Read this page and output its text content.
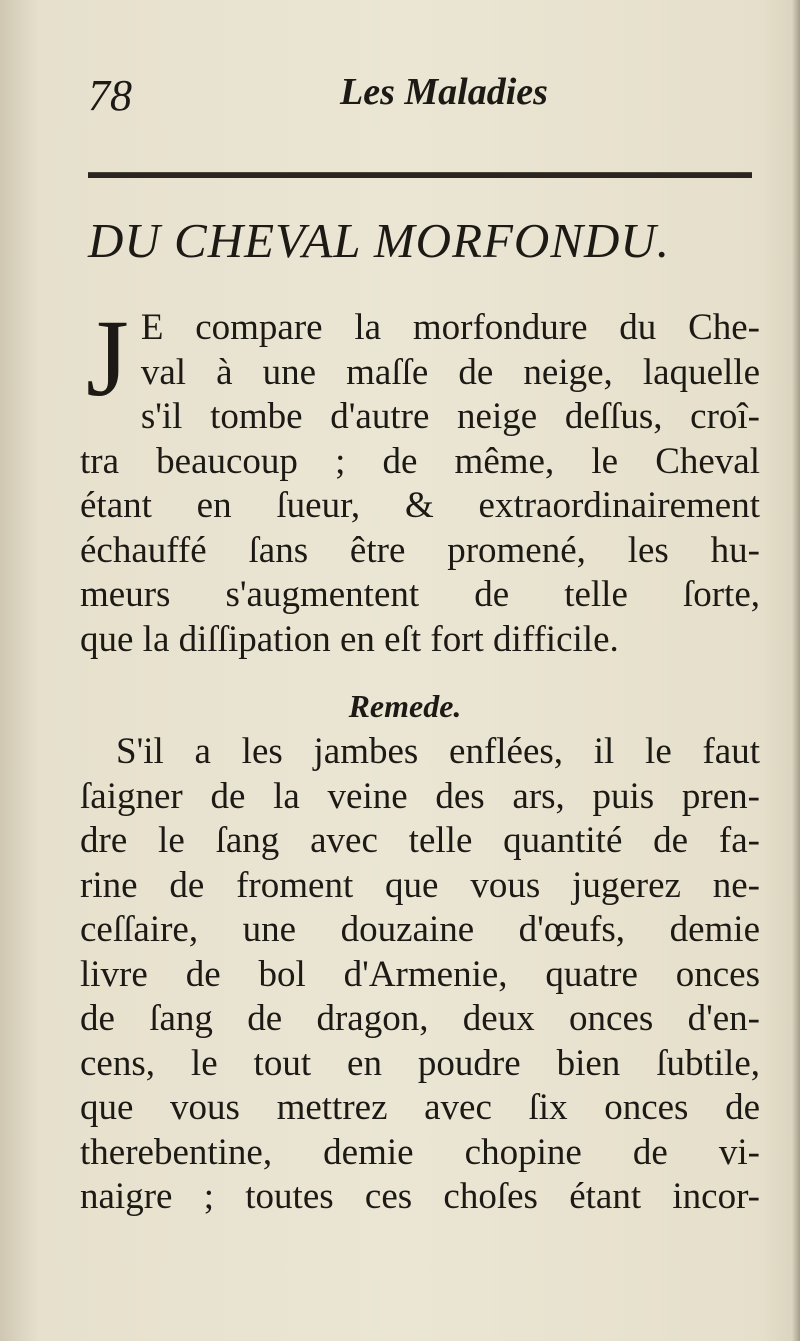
78	Les Maladies
DU CHEVAL MORFONDU.
J E compare la morfondure du Che-
val à une maſſe de neige, laquelle
s'il tombe d'autre neige deſſus, croî-
tra beaucoup ; de même, le Cheval
étant en ſueur, & extraordinairement
échauffé ſans être promené, les hu-
meurs s'augmentent de telle ſorte,
que la diſſipation en eſt fort difficile.
Remede.
S'il a les jambes enflées, il le faut
ſaigner de la veine des ars, puis pren-
dre le ſang avec telle quantité de fa-
rine de froment que vous jugerez ne-
ceſſaire, une douzaine d'œufs, demie
livre de bol d'Armenie, quatre onces
de ſang de dragon, deux onces d'en-
cens, le tout en poudre bien ſubtile,
que vous mettrez avec ſix onces de
therebentine, demie chopine de vi-
naigre ; toutes ces choſes étant incor-
